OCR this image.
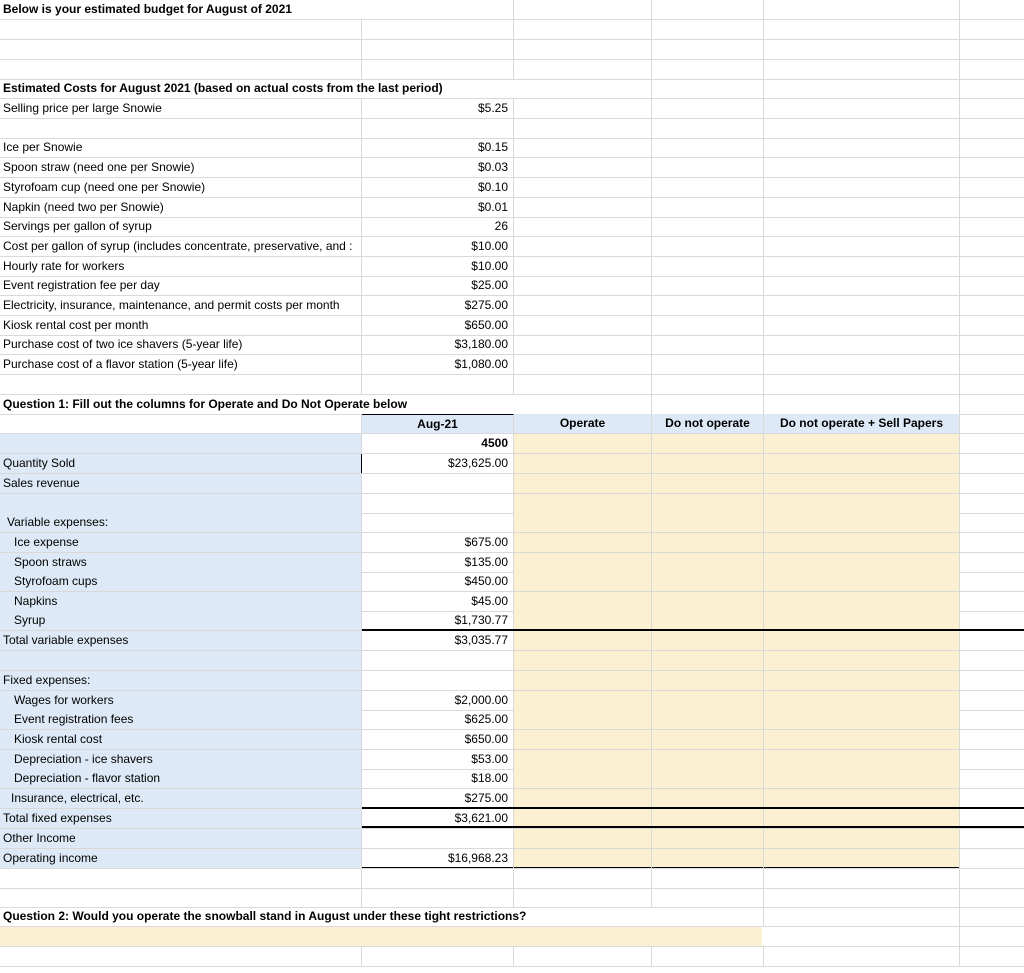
Below is your estimated budget for August of 2021
Estimated Costs for August 2021 (based on actual costs from the last period)
Selling price per large Snowie	$5.25
Ice per Snowie	$0.15
Spoon straw (need one per Snowie)	$0.03
Styrofoam cup (need one per Snowie)	$0.10
Napkin (need two per Snowie)	$0.01
Servings per gallon of syrup	26
Cost per gallon of syrup (includes concentrate, preservative, and :	$10.00
Hourly rate for workers	$10.00
Event registration fee per day	$25.00
Electricity, insurance, maintenance, and permit costs per month	$275.00
Kiosk rental cost per month	$650.00
Purchase cost of two ice shavers (5-year life)	$3,180.00
Purchase cost of a flavor station (5-year life)	$1,080.00
Question 1: Fill out the columns for Operate and Do Not Operate below
Aug-21	Operate	Do not operate	Do not operate + Sell Papers
4500
Quantity Sold	$23,625.00
Sales revenue
Variable expenses:
Ice expense	$675.00
Spoon straws	$135.00
Styrofoam cups	$450.00
Napkins	$45.00
Syrup	$1,730.77
Total variable expenses	$3,035.77
Fixed expenses:
Wages for workers	$2,000.00
Event registration fees	$625.00
Kiosk rental cost	$650.00
Depreciation - ice shavers	$53.00
Depreciation - flavor station	$18.00
Insurance, electrical, etc.	$275.00
Total fixed expenses	$3,621.00
Other Income
Operating income	$16,968.23
Question 2: Would you operate the snowball stand in August under these tight restrictions?
